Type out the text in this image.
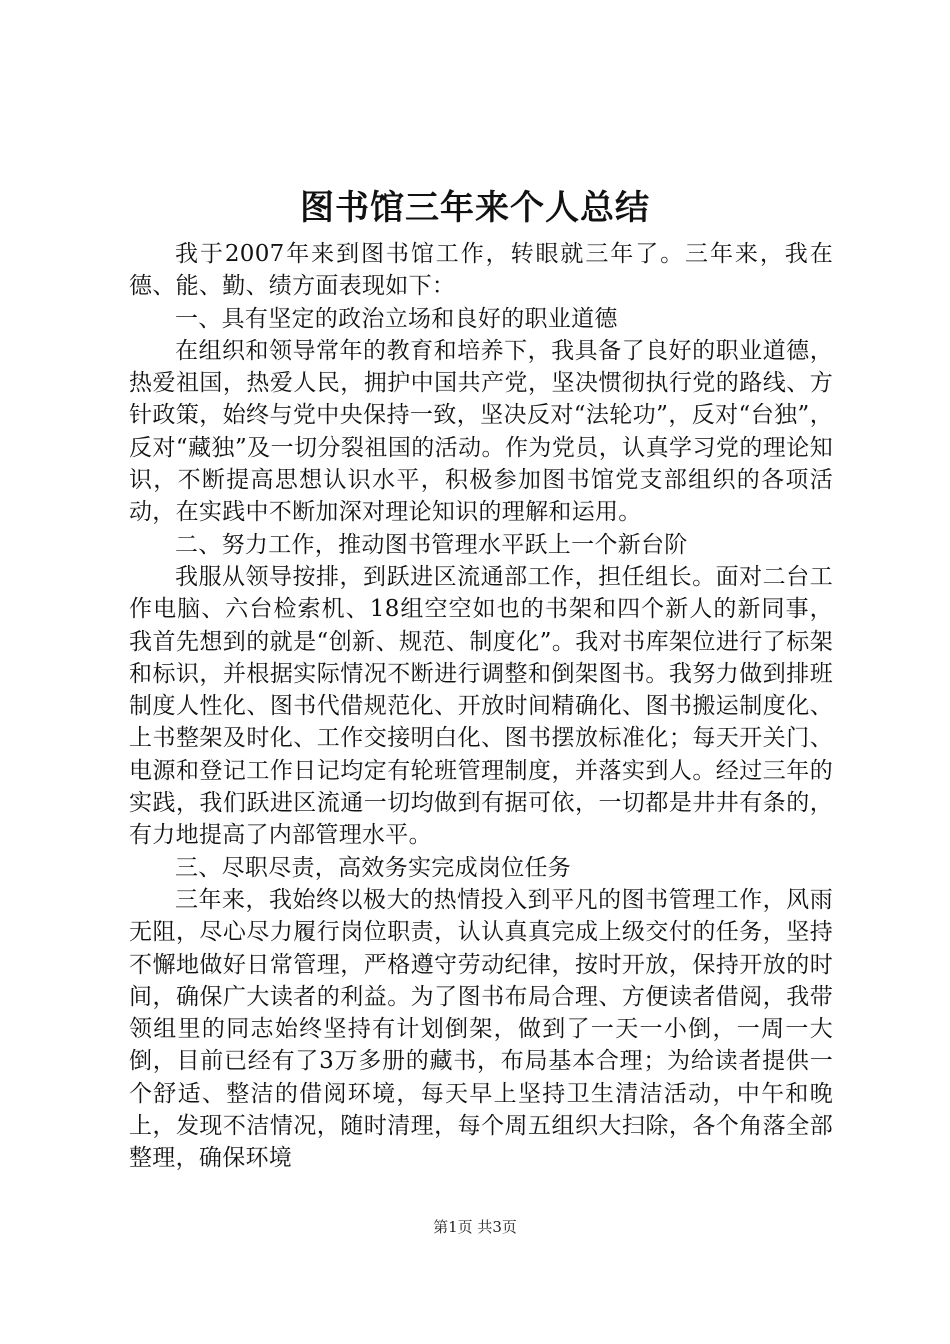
图书馆三年来个人总结

我于2007年来到图书馆工作，转眼就三年了。三年来，我在德、能、勤、绩方面表现如下：

一、具有坚定的政治立场和良好的职业道德

在组织和领导常年的教育和培养下，我具备了良好的职业道德，热爱祖国，热爱人民，拥护中国共产党，坚决惯彻执行党的路线、方针政策，始终与党中央保持一致，坚决反对“法轮功”，反对“台独”，反对“藏独”及一切分裂祖国的活动。作为党员，认真学习党的理论知识，不断提高思想认识水平，积极参加图书馆党支部组织的各项活动，在实践中不断加深对理论知识的理解和运用。

二、努力工作，推动图书管理水平跃上一个新台阶

我服从领导按排，到跃进区流通部工作，担任组长。面对二台工作电脑、六台检索机、18组空空如也的书架和四个新人的新同事，我首先想到的就是“创新、规范、制度化”。我对书库架位进行了标架和标识，并根据实际情况不断进行调整和倒架图书。我努力做到排班制度人性化、图书代借规范化、开放时间精确化、图书搬运制度化、上书整架及时化、工作交接明白化、图书摆放标准化；每天开关门、电源和登记工作日记均定有轮班管理制度，并落实到人。经过三年的实践，我们跃进区流通一切均做到有据可依，一切都是井井有条的，有力地提高了内部管理水平。

三、尽职尽责，高效务实完成岗位任务

三年来，我始终以极大的热情投入到平凡的图书管理工作，风雨无阻，尽心尽力履行岗位职责，认认真真完成上级交付的任务，坚持不懈地做好日常管理，严格遵守劳动纪律，按时开放，保持开放的时间，确保广大读者的利益。为了图书布局合理、方便读者借阅，我带领组里的同志始终坚持有计划倒架，做到了一天一小倒，一周一大倒，目前已经有了3万多册的藏书，布局基本合理；为给读者提供一个舒适、整洁的借阅环境，每天早上坚持卫生清洁活动，中午和晚上，发现不洁情况，随时清理，每个周五组织大扫除，各个角落全部整理，确保环境

第1页 共3页
